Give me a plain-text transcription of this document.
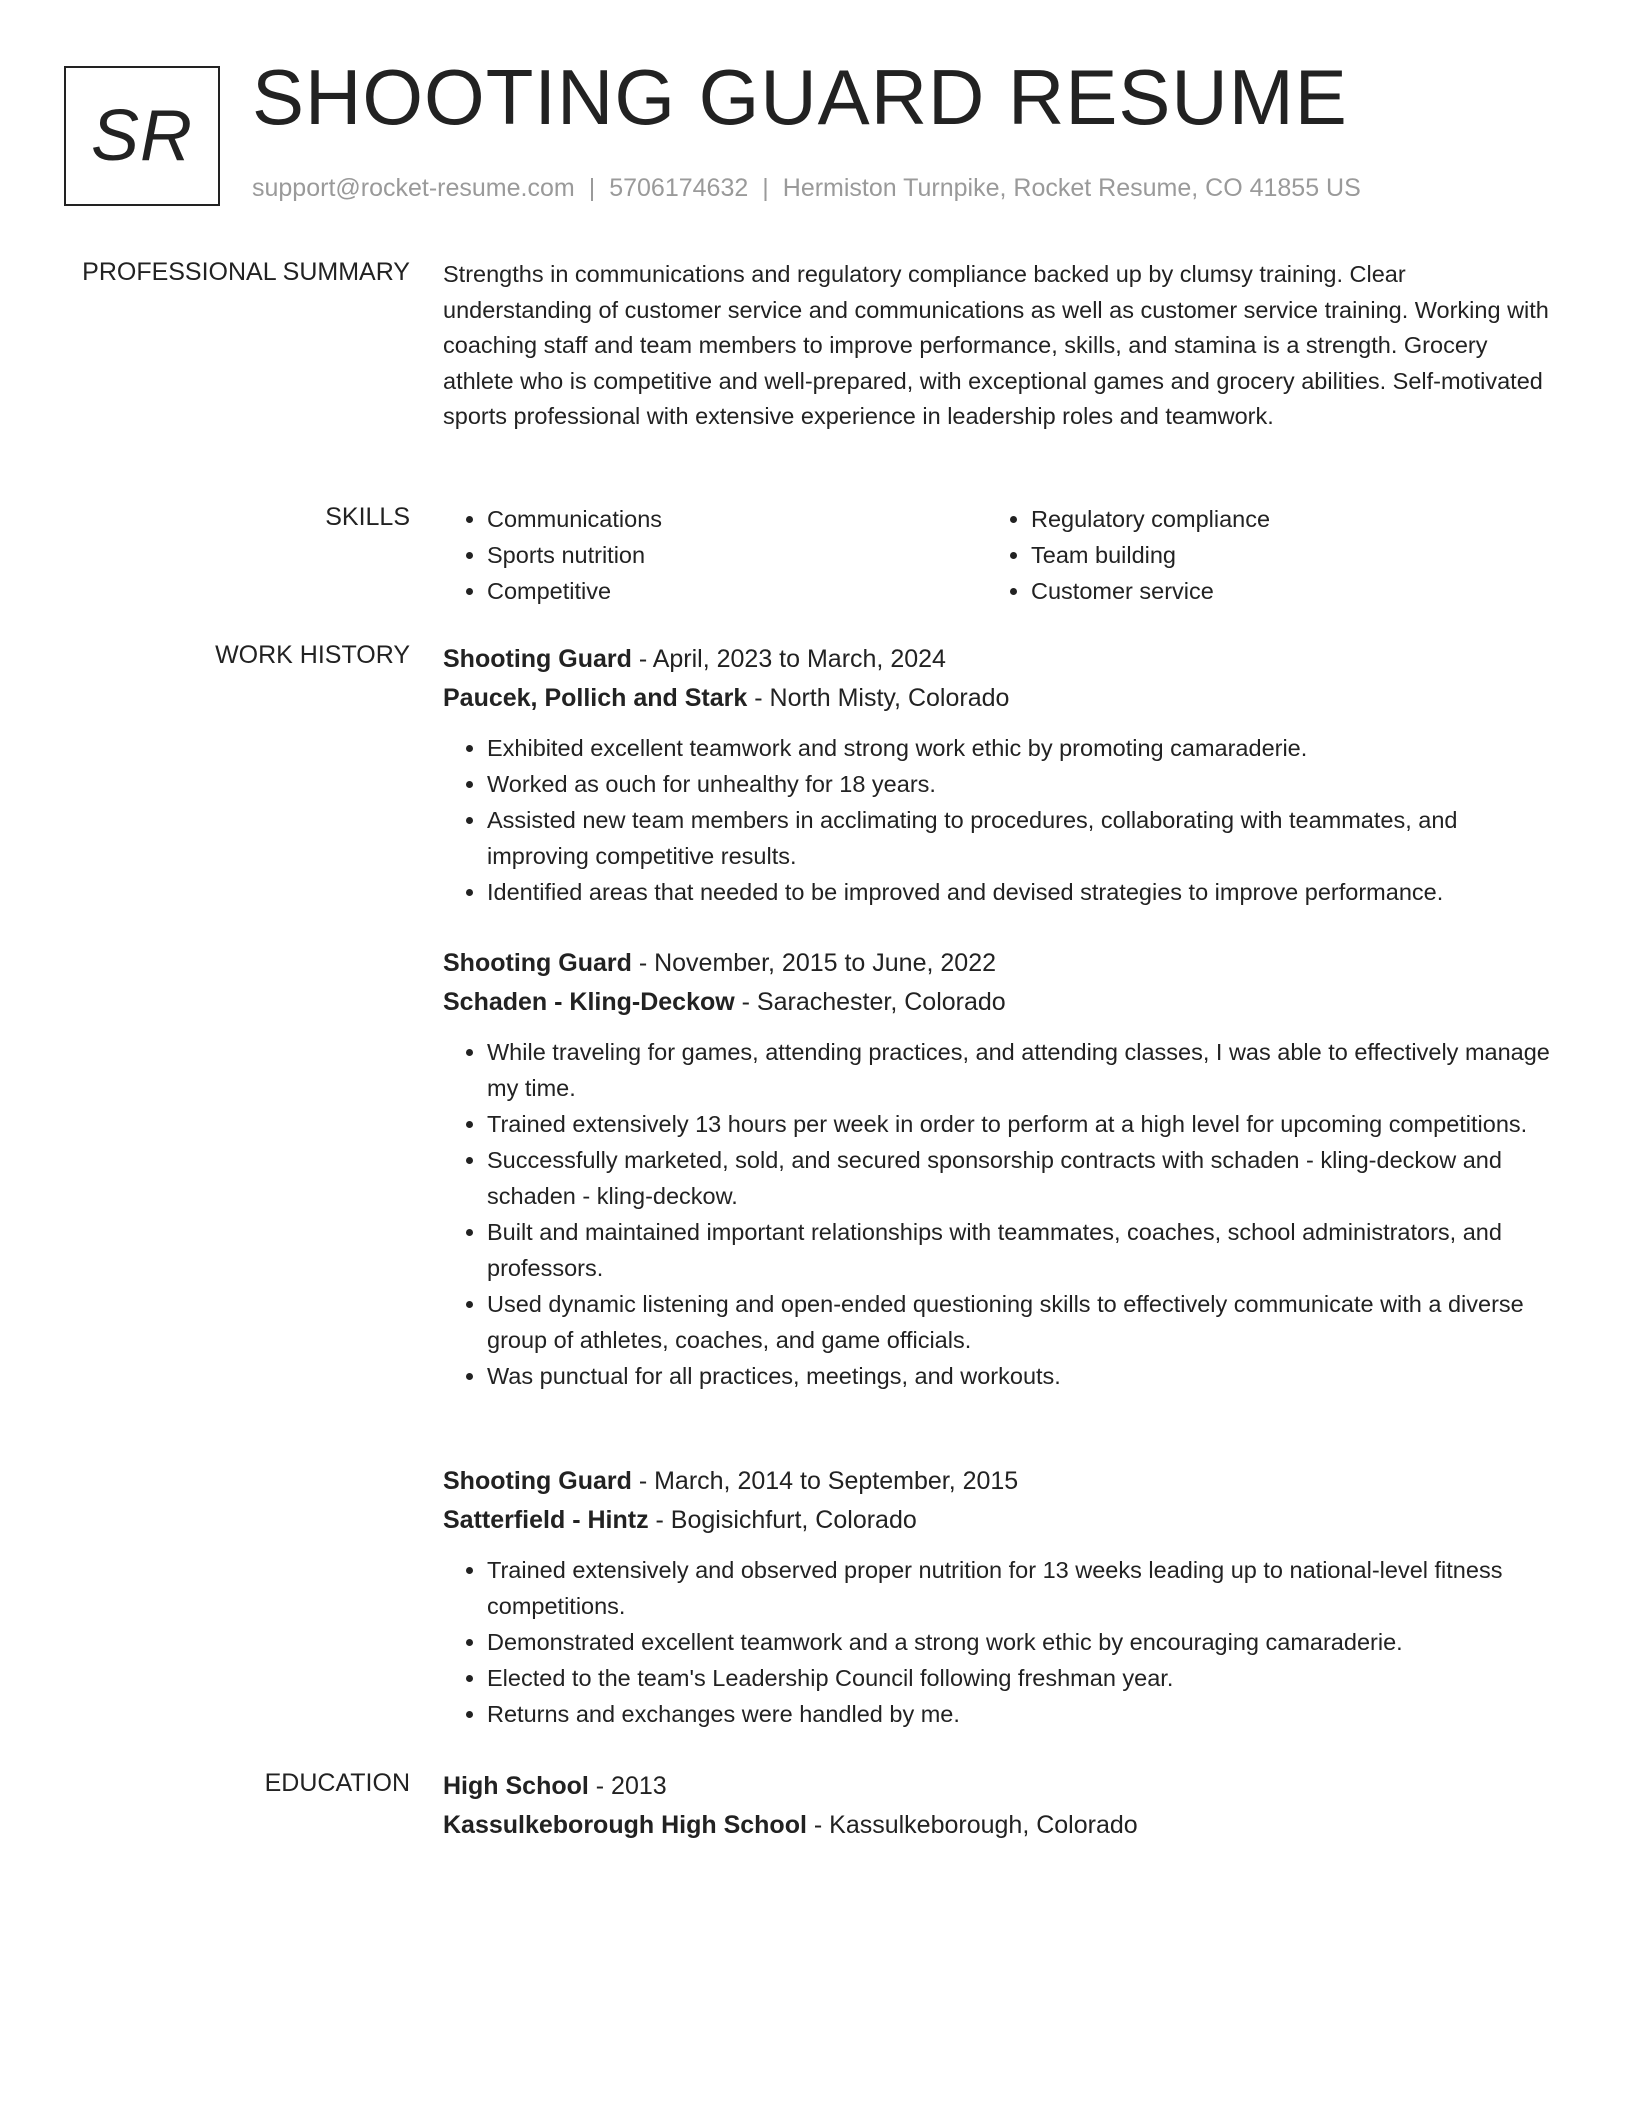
SR SHOOTING GUARD RESUME
support@rocket-resume.com | 5706174632 | Hermiston Turnpike, Rocket Resume, CO 41855 US
PROFESSIONAL SUMMARY Strengths in communications and regulatory compliance backed up by clumsy training. Clear understanding of customer service and communications as well as customer service training. Working with coaching staff and team members to improve performance, skills, and stamina is a strength. Grocery athlete who is competitive and well-prepared, with exceptional games and grocery abilities. Self-motivated sports professional with extensive experience in leadership roles and teamwork.

SKILLS
•	Communications
• Sports nutrition
• Competitive
• Regulatory compliance
• Team building
• Customer service
WORK HISTORY Shooting Guard - April, 2023 to March, 2024
Paucek, Pollich and Stark - North Misty, Colorado
• Exhibited excellent teamwork and strong work ethic by promoting camaraderie.
• Worked as ouch for unhealthy for 18 years.
• Assisted new team members in acclimating to procedures, collaborating with teammates, and improving competitive results.
• Identified areas that needed to be improved and devised strategies to improve performance.
Shooting Guard - November, 2015 to June, 2022
Schaden - Kling-Deckow - Sarachester, Colorado
• While traveling for games, attending practices, and attending classes, I was able to effectively manage my time.
• Trained extensively 13 hours per week in order to perform at a high level for upcoming competitions.
• Successfully marketed, sold, and secured sponsorship contracts with schaden - kling-deckow and schaden - kling-deckow.
• Built and maintained important relationships with teammates, coaches, school administrators, and professors.
• Used dynamic listening and open-ended questioning skills to effectively communicate with a diverse group of athletes, coaches, and game officials.
• Was punctual for all practices, meetings, and workouts.
Shooting Guard - March, 2014 to September, 2015
Satterfield - Hintz - Bogisichfurt, Colorado
• Trained extensively and observed proper nutrition for 13 weeks leading up to national-level fitness competitions.
• Demonstrated excellent teamwork and a strong work ethic by encouraging camaraderie.
• Elected to the team's Leadership Council following freshman year.
• Returns and exchanges were handled by me.
EDUCATION High School - 2013
Kassulkeborough High School - Kassulkeborough, Colorado
